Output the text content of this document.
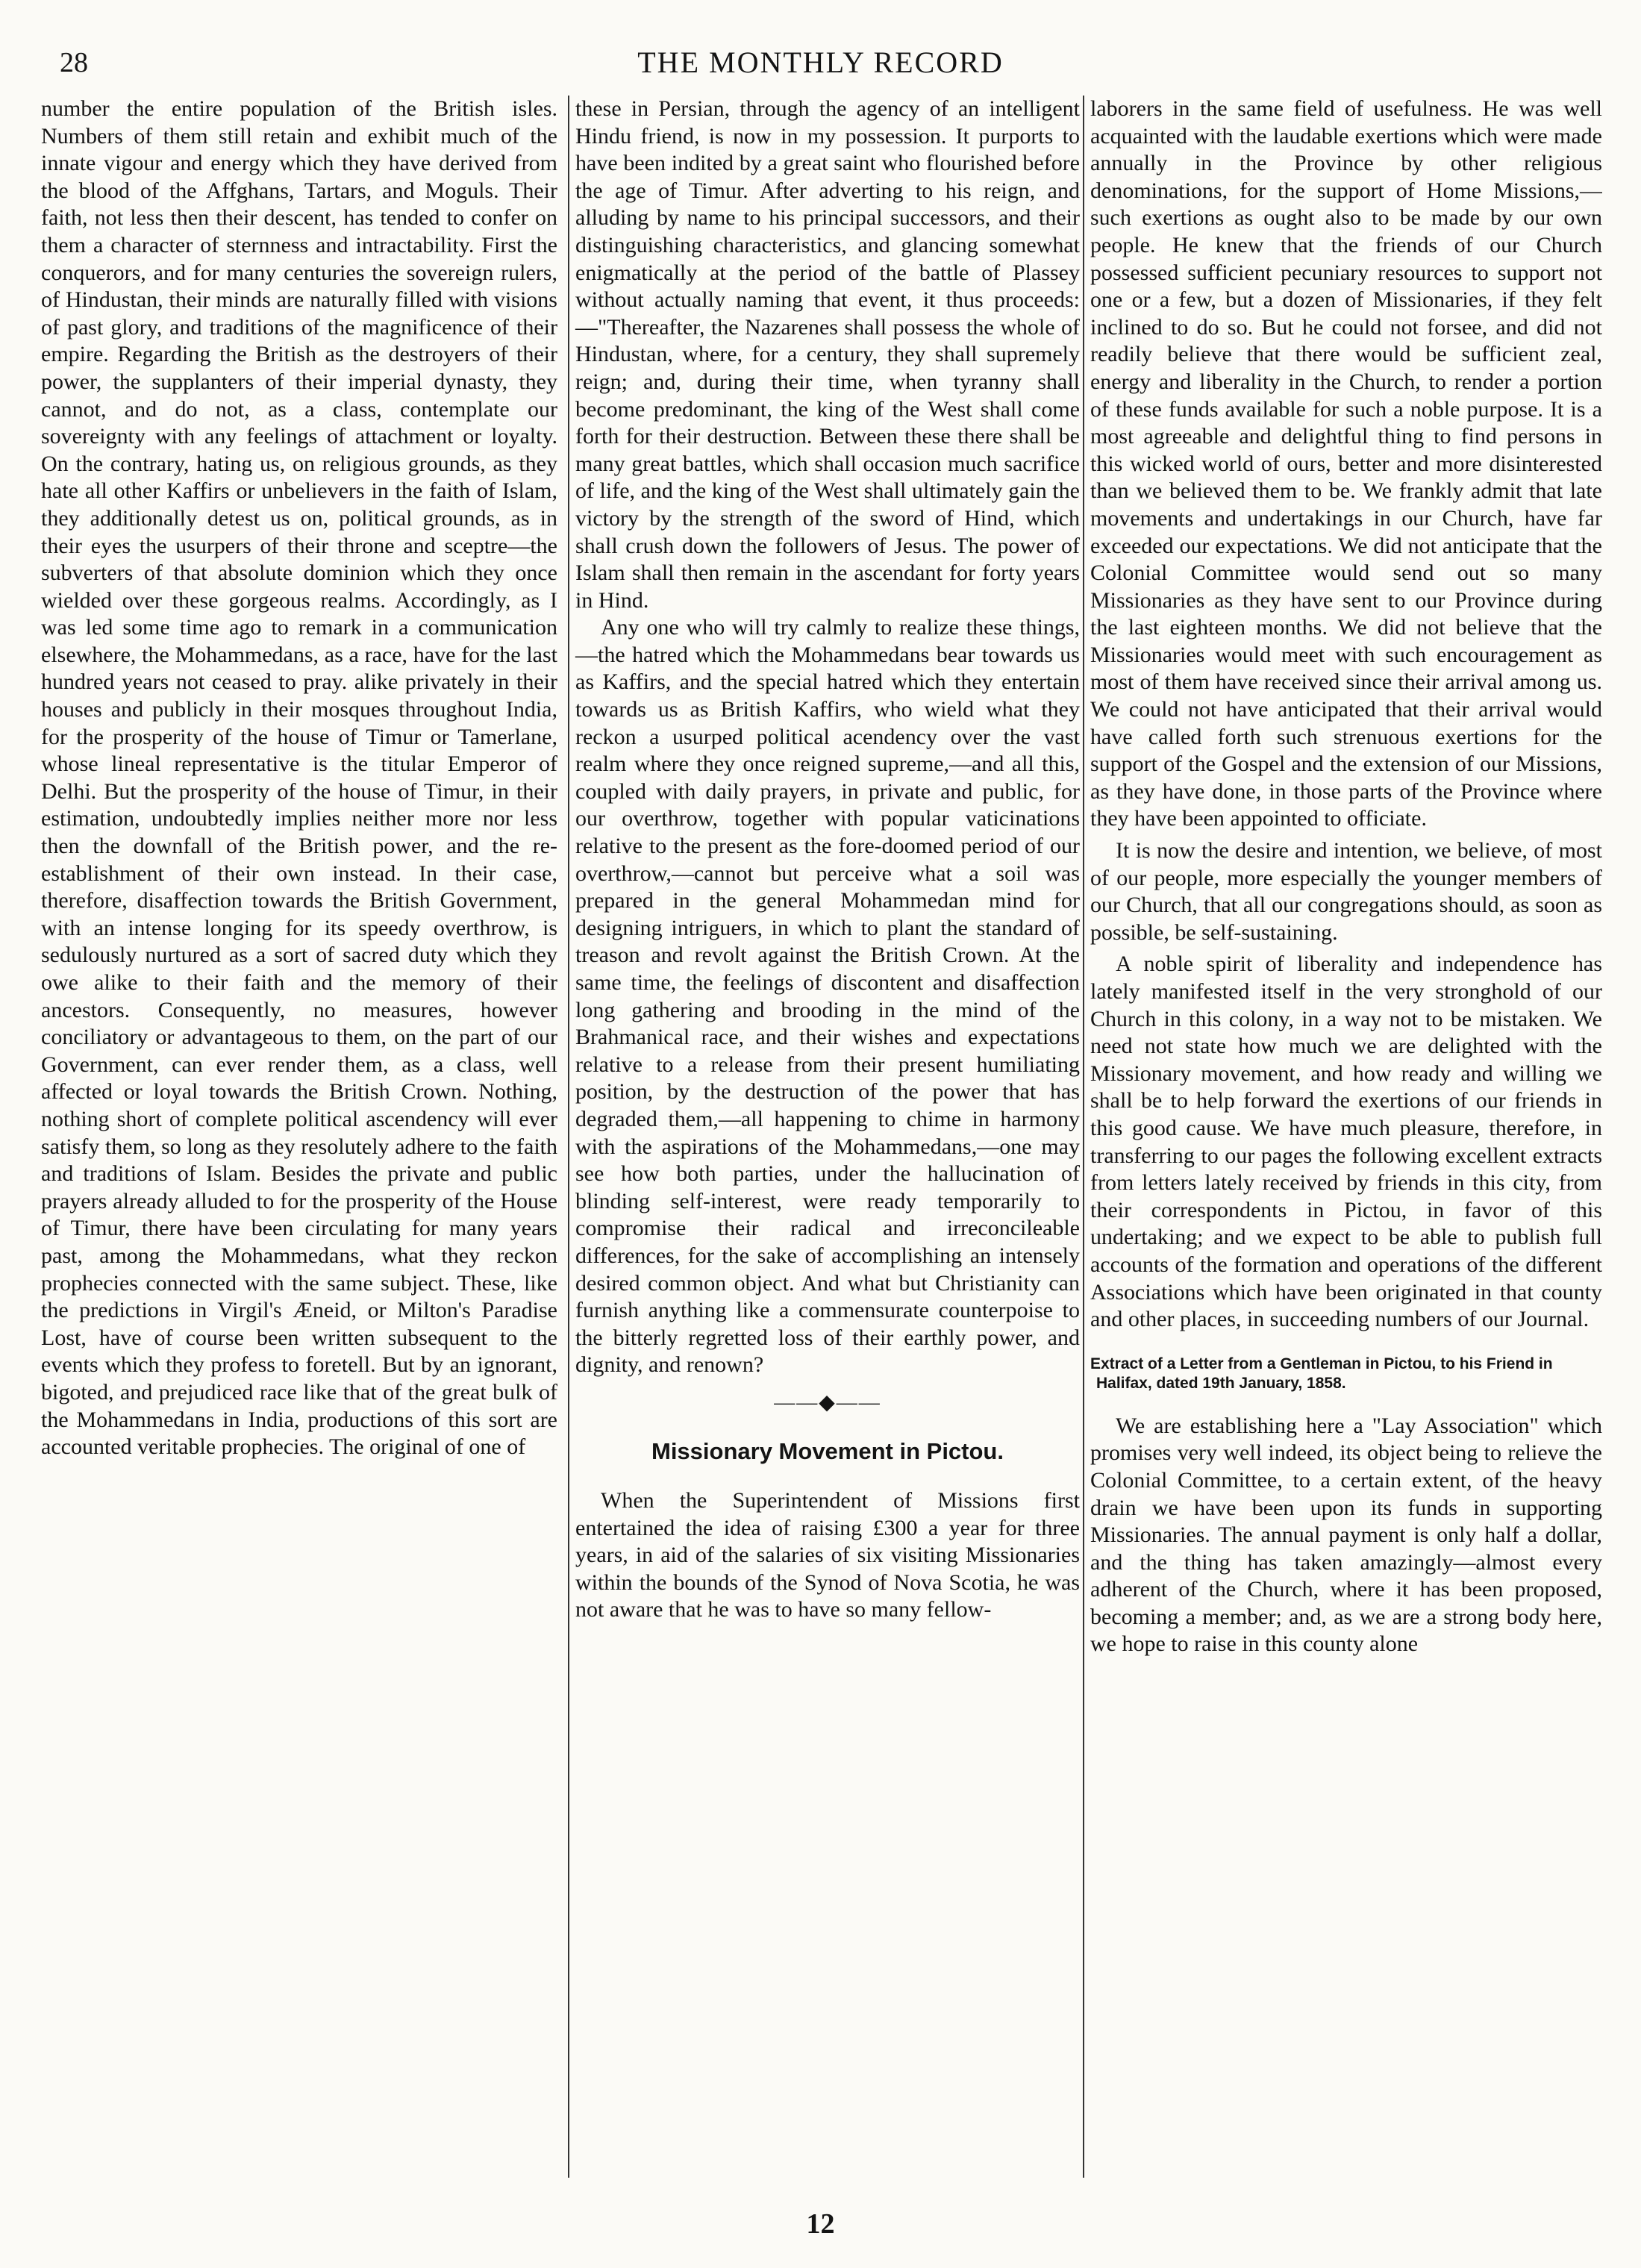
28	THE MONTHLY RECORD

number the entire population of the British isles. Numbers of them still retain and exhibit much of the innate vigour and energy which they have derived from the blood of the Affghans, Tartars, and Moguls. Their faith, not less then their descent, has tended to confer on them a character of sternness and intractability. First the conquerors, and for many centuries the sovereign rulers, of Hindustan, their minds are naturally filled with visions of past glory, and traditions of the magnificence of their empire. Regarding the British as the destroyers of their power, the supplanters of their imperial dynasty, they cannot, and do not, as a class, contemplate our sovereignty with any feelings of attachment or loyalty. On the contrary, hating us, on religious grounds, as they hate all other Kaffirs or unbelievers in the faith of Islam, they additionally detest us on, political grounds, as in their eyes the usurpers of their throne and sceptre—the subverters of that absolute dominion which they once wielded over these gorgeous realms. Accordingly, as I was led some time ago to remark in a communication elsewhere, the Mohammedans, as a race, have for the last hundred years not ceased to pray. alike privately in their houses and publicly in their mosques throughout India, for the prosperity of the house of Timur or Tamerlane, whose lineal representative is the titular Emperor of Delhi. But the prosperity of the house of Timur, in their estimation, undoubtedly implies neither more nor less then the downfall of the British power, and the re-establishment of their own instead. In their case, therefore, disaffection towards the British Government, with an intense longing for its speedy overthrow, is sedulously nurtured as a sort of sacred duty which they owe alike to their faith and the memory of their ancestors. Consequently, no measures, however conciliatory or advantageous to them, on the part of our Government, can ever render them, as a class, well affected or loyal towards the British Crown. Nothing, nothing short of complete political ascendency will ever satisfy them, so long as they resolutely adhere to the faith and traditions of Islam. Besides the private and public prayers already alluded to for the prosperity of the House of Timur, there have been circulating for many years past, among the Mohammedans, what they reckon prophecies connected with the same subject. These, like the predictions in Virgil's Æneid, or Milton's Paradise Lost, have of course been written subsequent to the events which they profess to foretell. But by an ignorant, bigoted, and prejudiced race like that of the great bulk of the Mohammedans in India, productions of this sort are accounted veritable prophecies. The original of one of

these in Persian, through the agency of an intelligent Hindu friend, is now in my possession. It purports to have been indited by a great saint who flourished before the age of Timur. After adverting to his reign, and alluding by name to his principal successors, and their distinguishing characteristics, and glancing somewhat enigmatically at the period of the battle of Plassey without actually naming that event, it thus proceeds:—"Thereafter, the Nazarenes shall possess the whole of Hindustan, where, for a century, they shall supremely reign; and, during their time, when tyranny shall become predominant, the king of the West shall come forth for their destruction. Between these there shall be many great battles, which shall occasion much sacrifice of life, and the king of the West shall ultimately gain the victory by the strength of the sword of Hind, which shall crush down the followers of Jesus. The power of Islam shall then remain in the ascendant for forty years in Hind.

Any one who will try calmly to realize these things,—the hatred which the Mohammedans bear towards us as Kaffirs, and the special hatred which they entertain towards us as British Kaffirs, who wield what they reckon a usurped political acendency over the vast realm where they once reigned supreme,—and all this, coupled with daily prayers, in private and public, for our overthrow, together with popular vaticinations relative to the present as the fore-doomed period of our overthrow,—cannot but perceive what a soil was prepared in the general Mohammedan mind for designing intriguers, in which to plant the standard of treason and revolt against the British Crown. At the same time, the feelings of discontent and disaffection long gathering and brooding in the mind of the Brahmanical race, and their wishes and expectations relative to a release from their present humiliating position, by the destruction of the power that has degraded them,—all happening to chime in harmony with the aspirations of the Mohammedans,—one may see how both parties, under the hallucination of blinding self-interest, were ready temporarily to compromise their radical and irreconcileable differences, for the sake of accomplishing an intensely desired common object. And what but Christianity can furnish anything like a commensurate counterpoise to the bitterly regretted loss of their earthly power, and dignity, and renown?

——◆——
Missionary Movement in Pictou.

When the Superintendent of Missions first entertained the idea of raising £300 a year for three years, in aid of the salaries of six visiting Missionaries within the bounds of the Synod of Nova Scotia, he was not aware that he was to have so many fellow-

laborers in the same field of usefulness. He was well acquainted with the laudable exertions which were made annually in the Province by other religious denominations, for the support of Home Missions,—such exertions as ought also to be made by our own people. He knew that the friends of our Church possessed sufficient pecuniary resources to support not one or a few, but a dozen of Missionaries, if they felt inclined to do so. But he could not forsee, and did not readily believe that there would be sufficient zeal, energy and liberality in the Church, to render a portion of these funds available for such a noble purpose. It is a most agreeable and delightful thing to find persons in this wicked world of ours, better and more disinterested than we believed them to be. We frankly admit that late movements and undertakings in our Church, have far exceeded our expectations. We did not anticipate that the Colonial Committee would send out so many Missionaries as they have sent to our Province during the last eighteen months. We did not believe that the Missionaries would meet with such encouragement as most of them have received since their arrival among us. We could not have anticipated that their arrival would have called forth such strenuous exertions for the support of the Gospel and the extension of our Missions, as they have done, in those parts of the Province where they have been appointed to officiate.

It is now the desire and intention, we believe, of most of our people, more especially the younger members of our Church, that all our congregations should, as soon as possible, be self-sustaining.

A noble spirit of liberality and independence has lately manifested itself in the very stronghold of our Church in this colony, in a way not to be mistaken. We need not state how much we are delighted with the Missionary movement, and how ready and willing we shall be to help forward the exertions of our friends in this good cause. We have much pleasure, therefore, in transferring to our pages the following excellent extracts from letters lately received by friends in this city, from their correspondents in Pictou, in favor of this undertaking; and we expect to be able to publish full accounts of the formation and operations of the different Associations which have been originated in that county and other places, in succeeding numbers of our Journal.

Extract of a Letter from a Gentleman in Pictou, to his Friend in Halifax, dated 19th January, 1858.

We are establishing here a "Lay Association" which promises very well indeed, its object being to relieve the Colonial Committee, to a certain extent, of the heavy drain we have been upon its funds in supporting Missionaries. The annual payment is only half a dollar, and the thing has taken amazingly—almost every adherent of the Church, where it has been proposed, becoming a member; and, as we are a strong body here, we hope to raise in this county alone

12
